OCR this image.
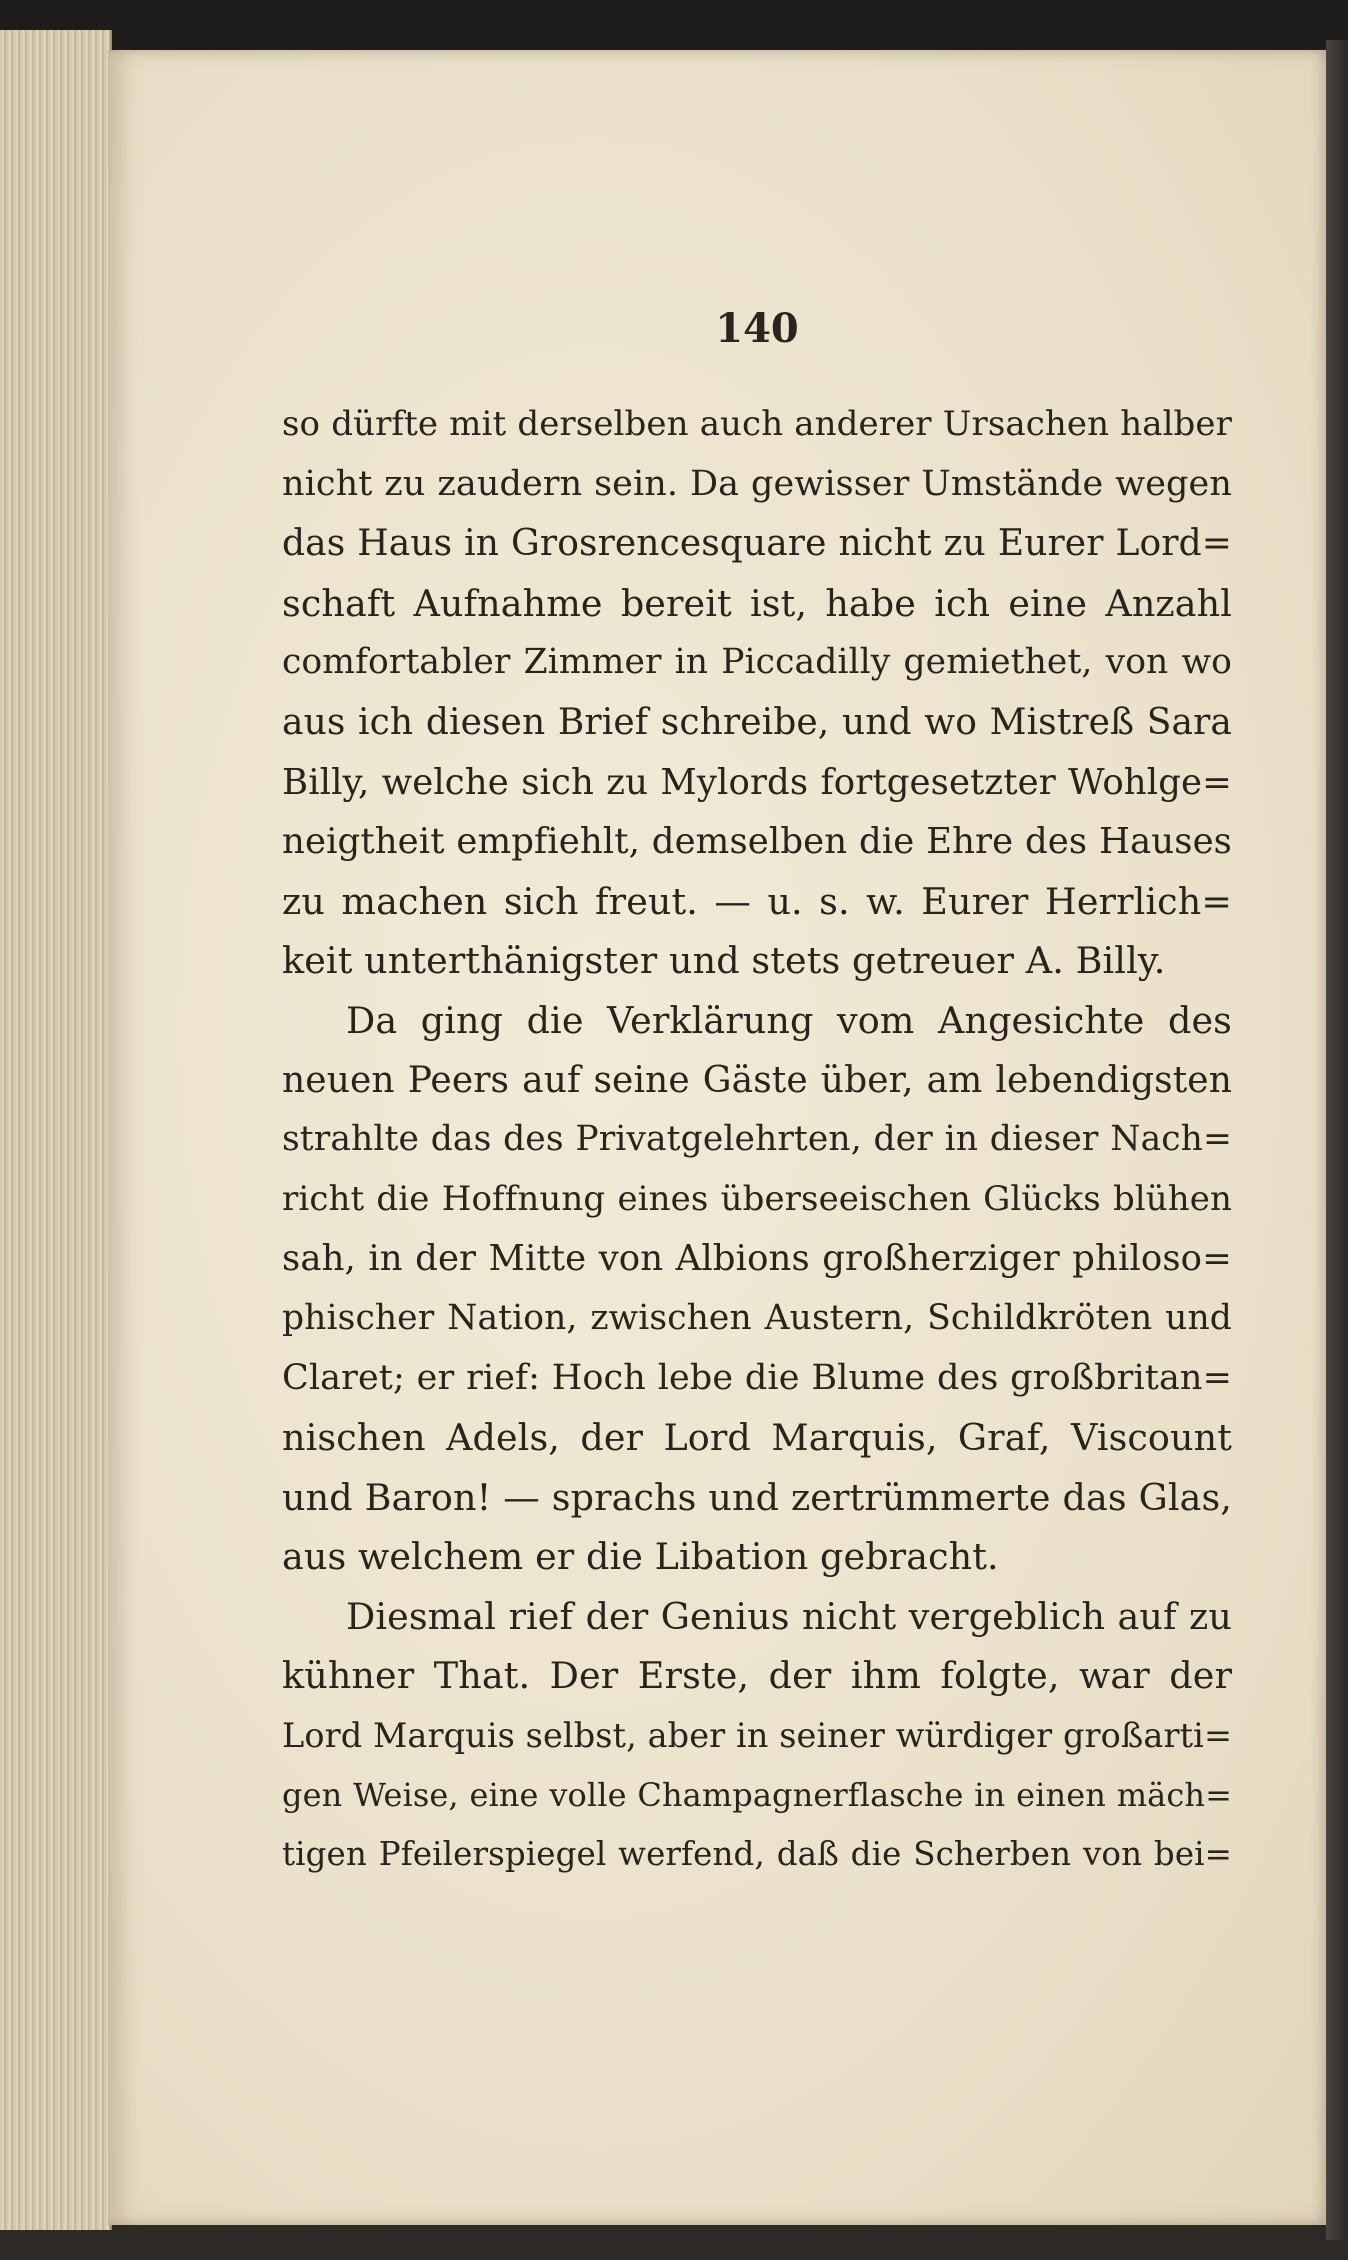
140
so dürfte mit derselben auch anderer Ursachen halber
nicht zu zaudern sein. Da gewisser Umstände wegen
das Haus in Grosrencesquare nicht zu Eurer Lord=
schaft Aufnahme bereit ist, habe ich eine Anzahl
comfortabler Zimmer in Piccadilly gemiethet, von wo
aus ich diesen Brief schreibe, und wo Mistreß Sara
Billy, welche sich zu Mylords fortgesetzter Wohlge=
neigtheit empfiehlt, demselben die Ehre des Hauses
zu machen sich freut. — u. s. w. Eurer Herrlich=
keit unterthänigster und stets getreuer A. Billy.
Da ging die Verklärung vom Angesichte des
neuen Peers auf seine Gäste über, am lebendigsten
strahlte das des Privatgelehrten, der in dieser Nach=
richt die Hoffnung eines überseeischen Glücks blühen
sah, in der Mitte von Albions großherziger philoso=
phischer Nation, zwischen Austern, Schildkröten und
Claret; er rief: Hoch lebe die Blume des großbritan=
nischen Adels, der Lord Marquis, Graf, Viscount
und Baron! — sprachs und zertrümmerte das Glas,
aus welchem er die Libation gebracht.
Diesmal rief der Genius nicht vergeblich auf zu
kühner That. Der Erste, der ihm folgte, war der
Lord Marquis selbst, aber in seiner würdiger großarti=
gen Weise, eine volle Champagnerflasche in einen mäch=
tigen Pfeilerspiegel werfend, daß die Scherben von bei=
